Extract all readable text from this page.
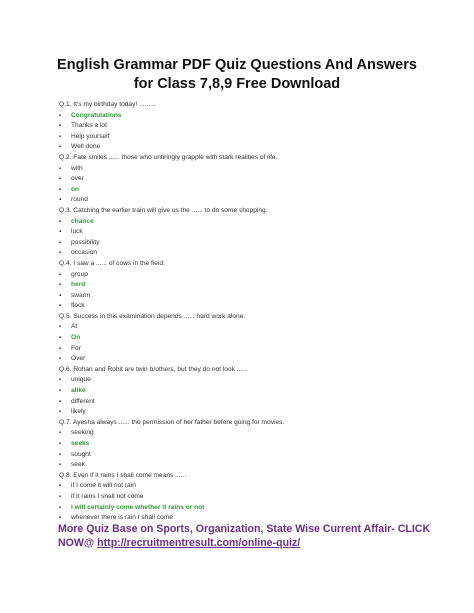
English Grammar PDF Quiz Questions And Answers
for Class 7,8,9 Free Download
Q.1. It's my birthday today! .........
▪ Congratulations
▪ Thanks a lot
▪ Help yourself
▪ Well done
Q.2. Fate smiles ...... those who untiringly grapple with stark realities of life.
▪ with
▪ over
▪ on
▪ round
Q.3. Catching the earlier train will give us the ...... to do some shopping.
▪ chance
▪ luck
▪ possibility
▪ occasion
Q.4. I saw a ...... of cows in the field.
▪ group
▪ herd
▪ swarm
▪ flock
Q.5. Success in this examination depends ...... hard work alone.
▪ At
▪ On
▪ For
▪ Over
Q.6. Rohan and Rohit are twin brothers, but they do not look ......
▪ unique
▪ alike
▪ different
▪ likely
Q.7. Ayesha always ...... the permission of her father before going for movies.
▪ seeking
▪ seeks
▪ sought
▪ seek
Q.8. Even if it rains I shall come means ......
▪ if I come it will not rain
▪ if it rains I shall not come
▪ I will certainly come whether it rains or not
▪ whenever there is rain I shall come
More Quiz Base on Sports, Organization, State Wise Current Affair- CLICK NOW@ http://recruitmentresult.com/online-quiz/
